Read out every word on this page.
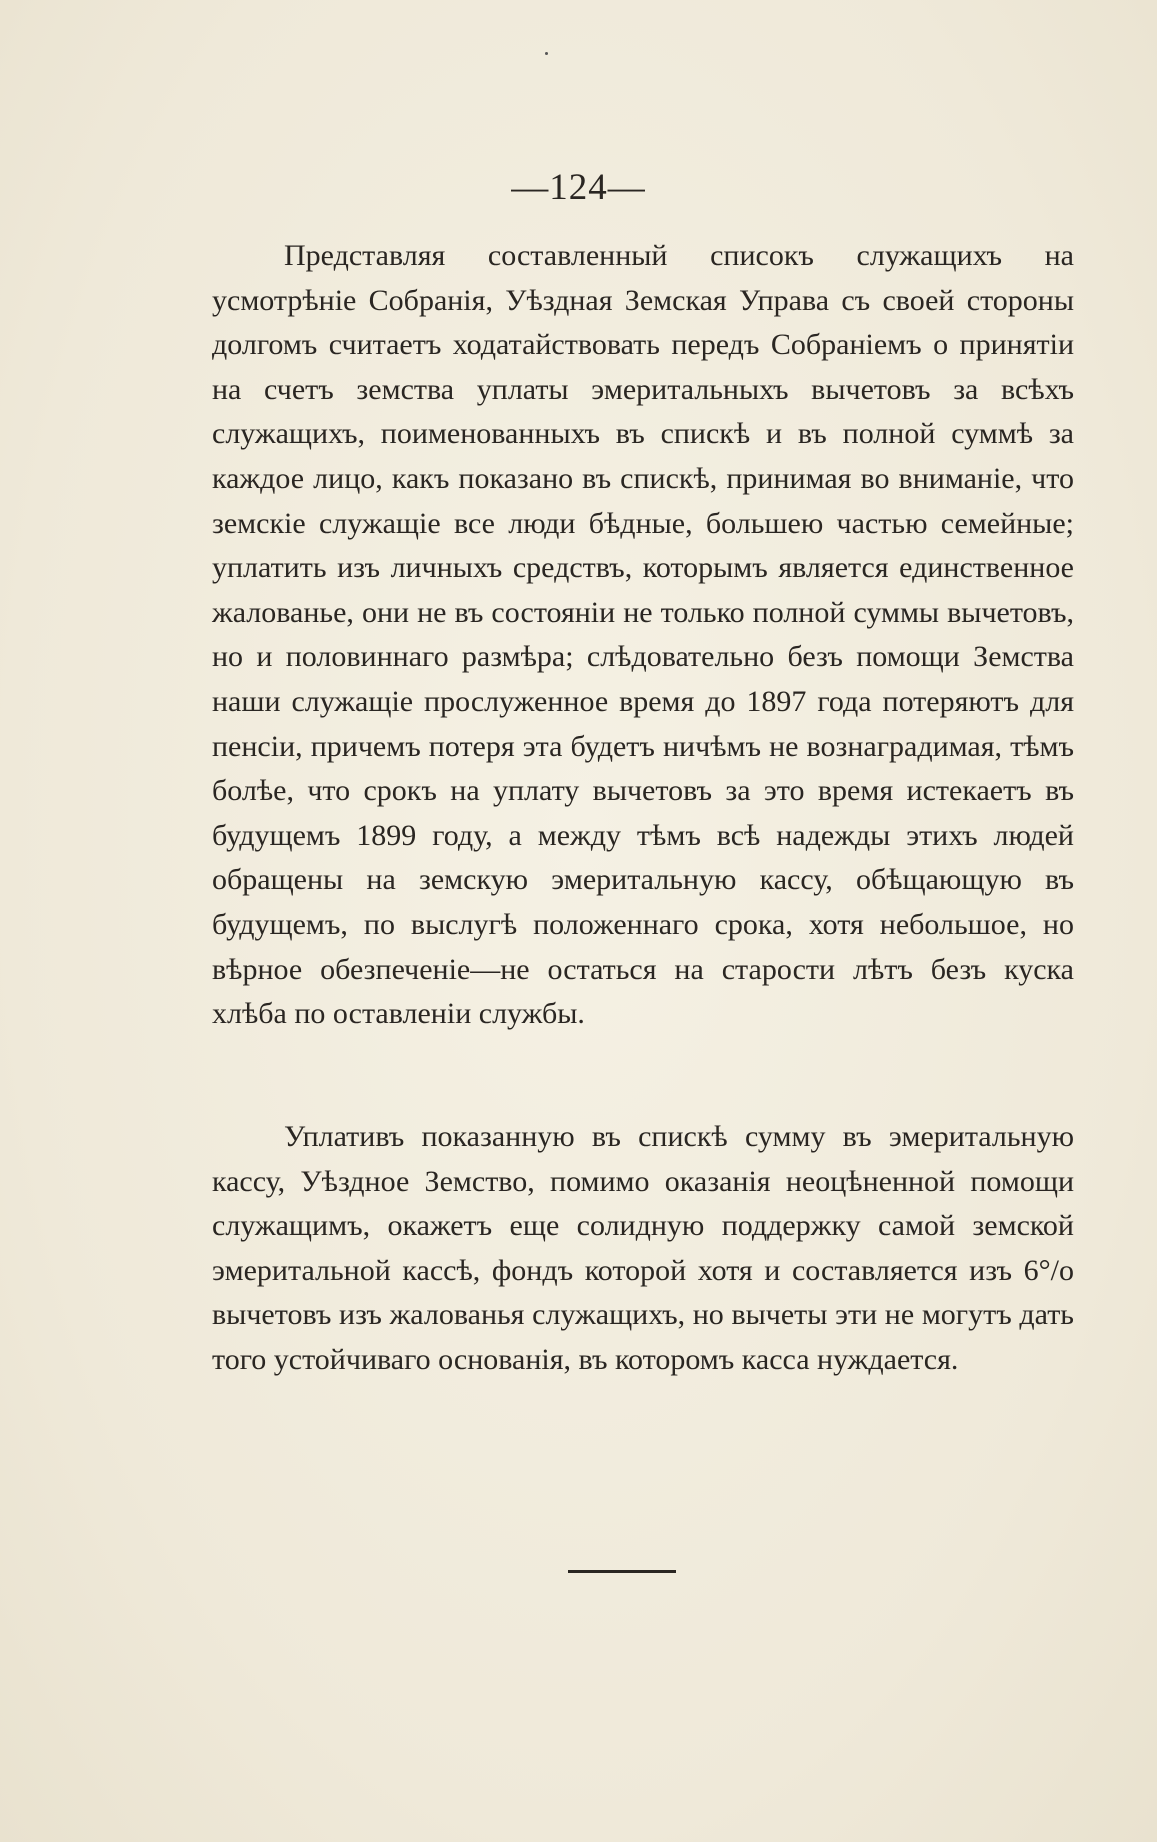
—124—

Представляя составленный списокъ служащихъ на усмотрѣніе Собранія, Уѣздная Земская Управа съ своей стороны долгомъ считаетъ ходатайствовать передъ Собраніемъ о принятіи на счетъ земства уплаты эмеритальныхъ вычетовъ за всѣхъ служащихъ, поименованныхъ въ спискѣ и въ полной суммѣ за каждое лицо, какъ показано въ спискѣ, принимая во вниманіе, что земскіе служащіе все люди бѣдные, большею частью семейные; уплатить изъ личныхъ средствъ, которымъ является единственное жалованье, они не въ состояніи не только полной суммы вычетовъ, но и половиннаго размѣра; слѣдовательно безъ помощи Земства наши служащіе прослуженное время до 1897 года потеряютъ для пенсіи, причемъ потеря эта будетъ ничѣмъ не вознаградимая, тѣмъ болѣе, что срокъ на уплату вычетовъ за это время истекаетъ въ будущемъ 1899 году, а между тѣмъ всѣ надежды этихъ людей обращены на земскую эмеритальную кассу, обѣщающую въ будущемъ, по выслугѣ положеннаго срока, хотя небольшое, но вѣрное обезпеченіе—не остаться на старости лѣтъ безъ куска хлѣба по оставленіи службы.

Уплативъ показанную въ спискѣ сумму въ эмеритальную кассу, Уѣздное Земство, помимо оказанія неоцѣненной помощи служащимъ, окажетъ еще солидную поддержку самой земской эмеритальной кассѣ, фондъ которой хотя и составляется изъ 6°/о вычетовъ изъ жалованья служащихъ, но вычеты эти не могутъ дать того устойчиваго основанія, въ которомъ касса нуждается.
